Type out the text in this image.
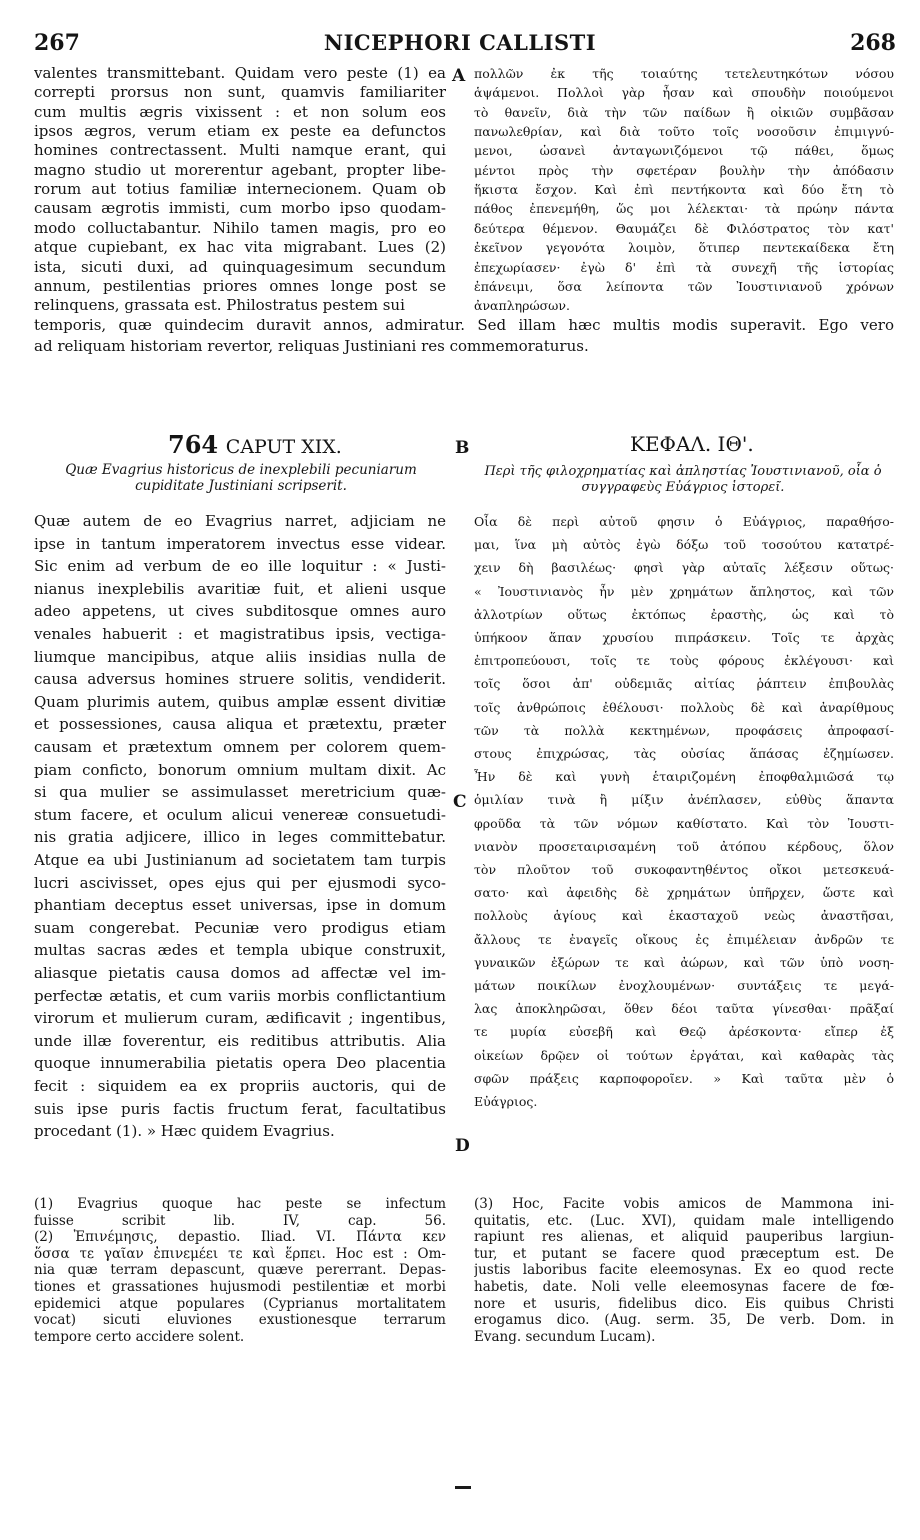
267	NICEPHORI CALLISTI	268
valentes transmittebant. Quidam vero peste (1) ea
correpti prorsus non sunt, quamvis familiariter
cum multis ægris vixissent : et non solum eos
ipsos ægros, verum etiam ex peste ea defunctos
homines contrectassent. Multi namque erant, qui
magno studio ut morerentur agebant, propter libe-
rorum aut totius familiæ internecionem. Quam ob
causam ægrotis immisti, cum morbo ipso quodam-
modo colluctabantur. Nihilo tamen magis, pro eo
atque cupiebant, ex hac vita migrabant. Lues (2)
ista, sicuti duxi, ad quinquagesimum secundum
annum, pestilentias priores omnes longe post se
relinquens, grassata est. Philostratus pestem sui
πολλῶν ἐκ τῆς τοιαύτης τετελευτηκότων νόσου
ἁψάμενοι. Πολλοὶ γὰρ ἦσαν καὶ σπουδὴν ποιούμενοι
τὸ θανεῖν, διὰ τὴν τῶν παίδων ἢ οἰκιῶν συμβᾶσαν
πανωλεθρίαν, καὶ διὰ τοῦτο τοῖς νοσοῦσιν ἐπιμιγνύ-
μενοι, ὡσανεὶ ἀνταγωνιζόμενοι τῷ πάθει, ὅμως
μέντοι πρὸς τὴν σφετέραν βουλὴν τὴν ἀπόδασιν
ἥκιστα ἔσχον. Καὶ ἐπὶ πεντήκοντα καὶ δύο ἔτη τὸ
πάθος ἐπενεμήθη, ὥς μοι λέλεκται· τὰ πρώην πάντα
δεύτερα θέμενον. Θαυμάζει δὲ Φιλόστρατος τὸν κατ'
ἐκεῖνον γεγονότα λοιμὸν, ὅτιπερ πεντεκαίδεκα ἔτη
ἐπεχωρίασεν· ἐγὼ δ' ἐπὶ τὰ συνεχῆ τῆς ἱστορίας
ἐπάνειμι, ὅσα λείποντα τῶν Ἰουστινιανοῦ χρόνων
ἀναπληρώσων.
temporis, quæ quindecim duravit annos, admiratur. Sed illam hæc multis modis superavit. Ego vero
ad reliquam historiam revertor, reliquas Justiniani res commemoraturus.
A
B
C
D
764 CAPUT XIX.
Quæ Evagrius historicus de inexplebili pecuniarum cupiditate Justiniani scripserit.
ΚΕΦΑΛ. ΙΘ'.
Περὶ τῆς φιλοχρηματίας καὶ ἀπληστίας Ἰουστινιανοῦ, οἷα ὁ συγγραφεὺς Εὐάγριος ἱστορεῖ.
Quæ autem de eo Evagrius narret, adjiciam ne
ipse in tantum imperatorem invectus esse videar.
Sic enim ad verbum de eo ille loquitur : « Justi-
nianus inexplebilis avaritiæ fuit, et alieni usque
adeo appetens, ut cives subditosque omnes auro
venales habuerit : et magistratibus ipsis, vectiga-
liumque mancipibus, atque aliis insidias nulla de
causa adversus homines struere solitis, vendiderit.
Quam plurimis autem, quibus amplæ essent divitiæ
et possessiones, causa aliqua et prætextu, præter
causam et prætextum omnem per colorem quem-
piam conficto, bonorum omnium multam dixit. Ac
si qua mulier se assimulasset meretricium quæ-
stum facere, et oculum alicui venereæ consuetudi-
nis gratia adjicere, illico in leges committebatur.
Atque ea ubi Justinianum ad societatem tam turpis
lucri ascivisset, opes ejus qui per ejusmodi syco-
phantiam deceptus esset universas, ipse in domum
suam congerebat. Pecuniæ vero prodigus etiam
multas sacras ædes et templa ubique construxit,
aliasque pietatis causa domos ad affectæ vel im-
perfectæ ætatis, et cum variis morbis conflictantium
virorum et mulierum curam, ædificavit ; ingentibus,
unde illæ foverentur, eis reditibus attributis. Alia
quoque innumerabilia pietatis opera Deo placentia
fecit : siquidem ea ex propriis auctoris, qui de
suis ipse puris factis fructum ferat, facultatibus
procedant (1). » Hæc quidem Evagrius.
Οἷα δὲ περὶ αὐτοῦ φησιν ὁ Εὐάγριος, παραθήσο-
μαι, ἵνα μὴ αὐτὸς ἐγὼ δόξω τοῦ τοσούτου κατατρέ-
χειν δὴ βασιλέως· φησὶ γὰρ αὐταῖς λέξεσιν οὕτως·
« Ἰουστινιανὸς ἦν μὲν χρημάτων ἄπληστος, καὶ τῶν
ἀλλοτρίων οὕτως ἐκτόπως ἐραστὴς, ὡς καὶ τὸ
ὑπήκοον ἅπαν χρυσίου πιπράσκειν. Τοῖς τε ἀρχὰς
ἐπιτροπεύουσι, τοῖς τε τοὺς φόρους ἐκλέγουσι· καὶ
τοῖς ὅσοι ἀπ' οὐδεμιᾶς αἰτίας ῥάπτειν ἐπιβουλὰς
τοῖς ἀνθρώποις ἐθέλουσι· πολλοὺς δὲ καὶ ἀναρίθμους
τῶν τὰ πολλὰ κεκτημένων, προφάσεις ἀπροφασί-
στους ἐπιχρώσας, τὰς οὐσίας ἅπάσας ἐζημίωσεν.
Ἦν δὲ καὶ γυνὴ ἑταιριζομένη ἐποφθαλμιῶσά τῳ
ὁμιλίαν τινὰ ἢ μίξιν ἀνέπλασεν, εὐθὺς ἅπαντα
φροῦδα τὰ τῶν νόμων καθίστατο. Καὶ τὸν Ἰουστι-
νιανὸν προσεταιρισαμένη τοῦ ἀτόπου κέρδους, ὅλον
τὸν πλοῦτον τοῦ συκοφαντηθέντος οἴκοι μετεσκευά-
σατο· καὶ ἀφειδὴς δὲ χρημάτων ὑπῆρχεν, ὥστε καὶ
πολλοὺς ἁγίους καὶ ἑκασταχοῦ νεὼς ἀναστῆσαι,
ἄλλους τε ἐναγεῖς οἴκους ἐς ἐπιμέλειαν ἀνδρῶν τε
γυναικῶν ἐξώρων τε καὶ ἀώρων, καὶ τῶν ὑπὸ νοση-
μάτων ποικίλων ἐνοχλουμένων· συντάξεις τε μεγά-
λας ἀποκληρῶσαι, ὅθεν δέοι ταῦτα γίνεσθαι· πρᾶξαί
τε μυρία εὐσεβῆ καὶ Θεῷ ἀρέσκοντα· εἴπερ ἐξ
οἰκείων δρῷεν οἱ τούτων ἐργάται, καὶ καθαρὰς τὰς
σφῶν πράξεις καρποφοροῖεν. » Καὶ ταῦτα μὲν ὁ
Εὐάγριος.
(1) Evagrius quoque hac peste se infectum
fuisse scribit lib. IV, cap. 56.
(2) Ἐπινέμησις, depastio. Iliad. VI. Πάντα κεν
ὅσσα τε γαῖαν ἐπινεμέει τε καὶ ἕρπει. Hoc est : Om-
nia quæ terram depascunt, quæve pererrant. Depas-
tiones et grassationes hujusmodi pestilentiæ et morbi
epidemici atque populares (Cyprianus mortalitatem
vocat) sicuti eluviones exustionesque terrarum
tempore certo accidere solent.
(3) Hoc, Facite vobis amicos de Mammona ini-
quitatis, etc. (Luc. XVI), quidam male intelligendo
rapiunt res alienas, et aliquid pauperibus largiun-
tur, et putant se facere quod præceptum est. De
justis laboribus facite eleemosynas. Ex eo quod recte
habetis, date. Noli velle eleemosynas facere de fœ-
nore et usuris, fidelibus dico. Eis quibus Christi
erogamus dico. (Aug. serm. 35, De verb. Dom. in
Evang. secundum Lucam).
